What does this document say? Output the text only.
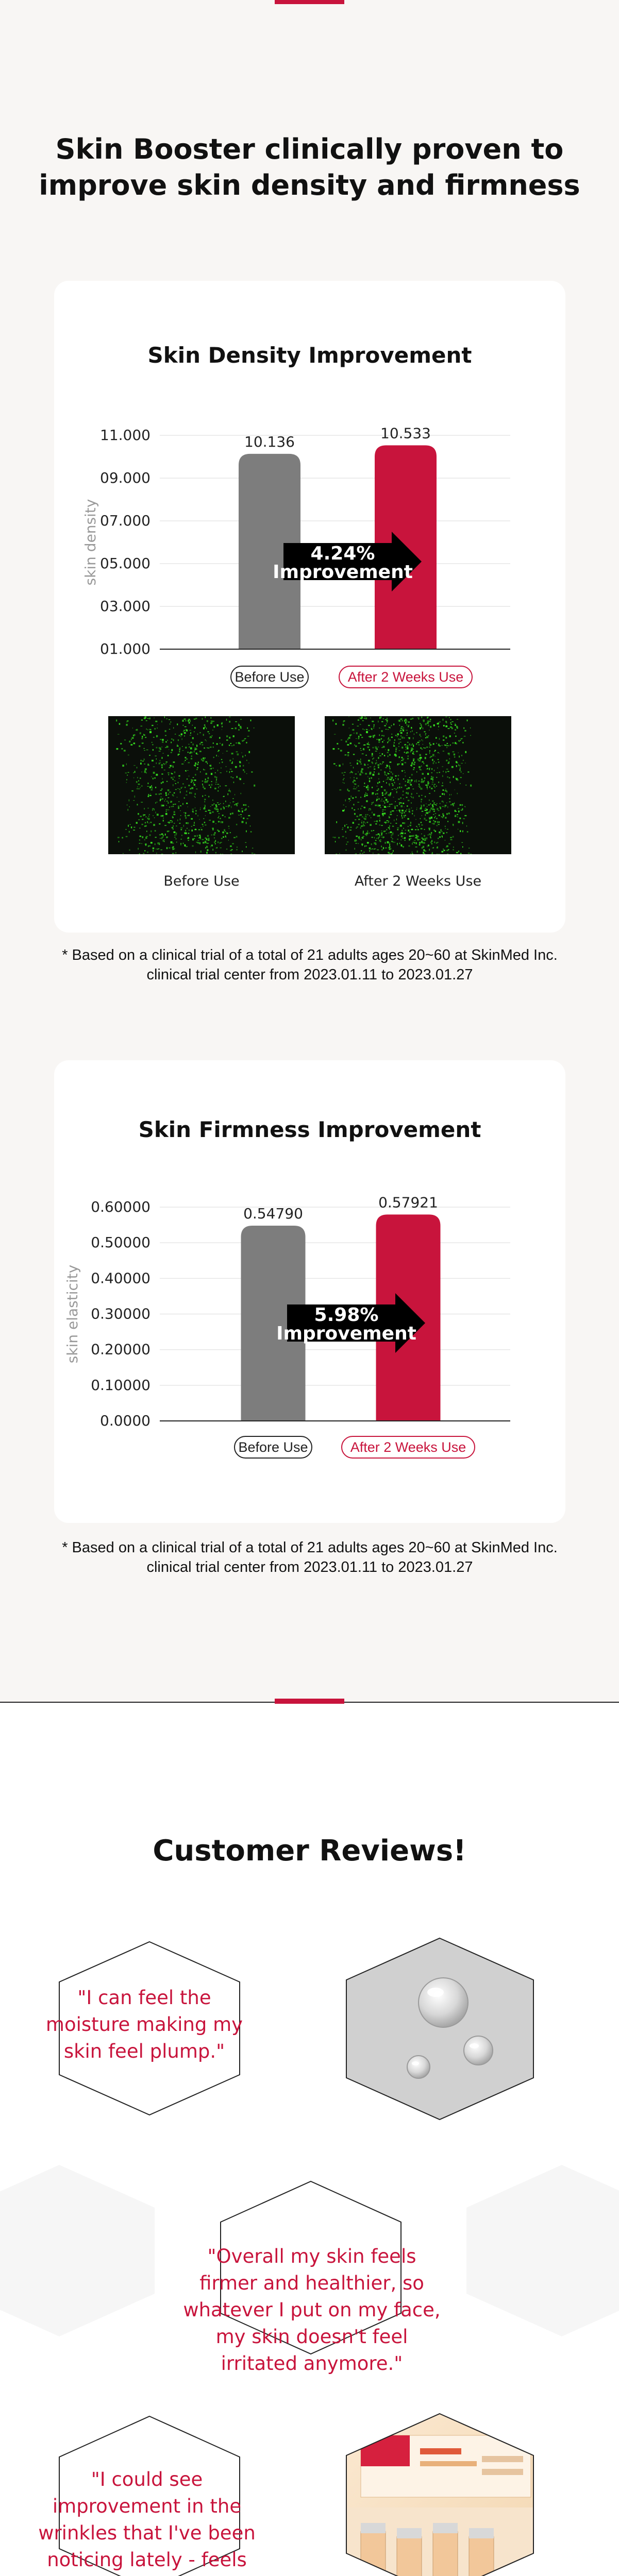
Skin Booster clinically proven to improve skin density and firmness
Skin Density Improvement
11.000
09.000
07.000
05.000
03.000
01.000
skin density
10.136	10.533
4.24%
Improvement
Before Use	After 2 Weeks Use
Before Use	After 2 Weeks Use
* Based on a clinical trial of a total of 21 adults ages 20~60 at SkinMed Inc. clinical trial center from 2023.01.11 to 2023.01.27
Skin Firmness Improvement
0.60000
0.50000
0.40000
0.30000
0.20000
0.10000
0.0000
skin elasticity
0.54790
0.57921
5.98%
Improvement
Before Use	After 2 Weeks Use
* Based on a clinical trial of a total of 21 adults ages 20~60 at SkinMed Inc. clinical trial center from 2023.01.11 to 2023.01.27
Customer Reviews!
"I can feel the moisture making my skin feel plump."
"Overall my skin feels firmer and healthier, so whatever I put on my face, my skin doesn't feel irritated anymore."
"I could see improvement in the wrinkles that I've been noticing lately - feels
